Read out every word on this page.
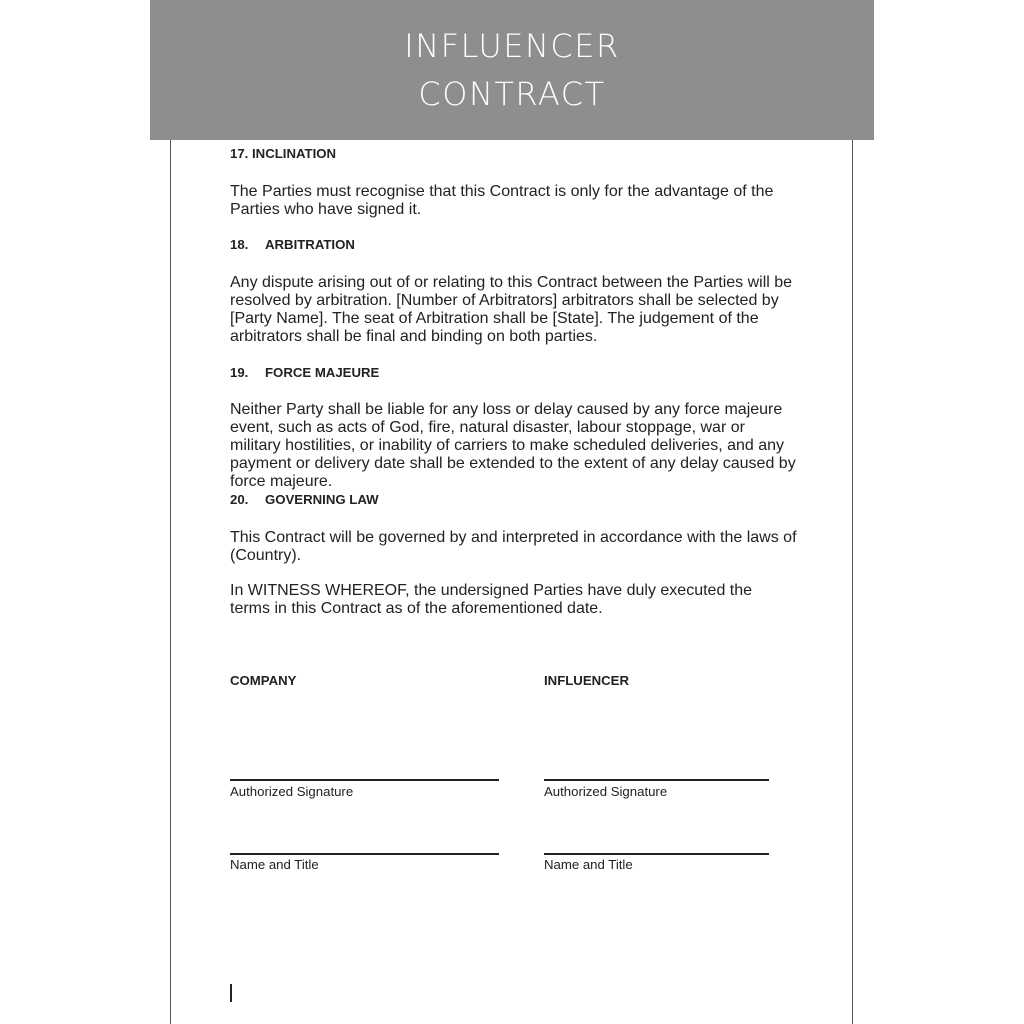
INFLUENCER
CONTRACT
17. INCLINATION
The Parties must recognise that this Contract is only for the advantage of the Parties who have signed it.
18. ARBITRATION
Any dispute arising out of or relating to this Contract between the Parties will be resolved by arbitration. [Number of Arbitrators] arbitrators shall be selected by [Party Name]. The seat of Arbitration shall be [State]. The judgement of the arbitrators shall be final and binding on both parties.
19. FORCE MAJEURE
Neither Party shall be liable for any loss or delay caused by any force majeure event, such as acts of God, fire, natural disaster, labour stoppage, war or military hostilities, or inability of carriers to make scheduled deliveries, and any payment or delivery date shall be extended to the extent of any delay caused by force majeure.
20. GOVERNING LAW
This Contract will be governed by and interpreted in accordance with the laws of (Country).
In WITNESS WHEREOF, the undersigned Parties have duly executed the terms in this Contract as of the aforementioned date.
COMPANY	INFLUENCER
Authorized Signature	Authorized Signature
Name and Title	Name and Title
